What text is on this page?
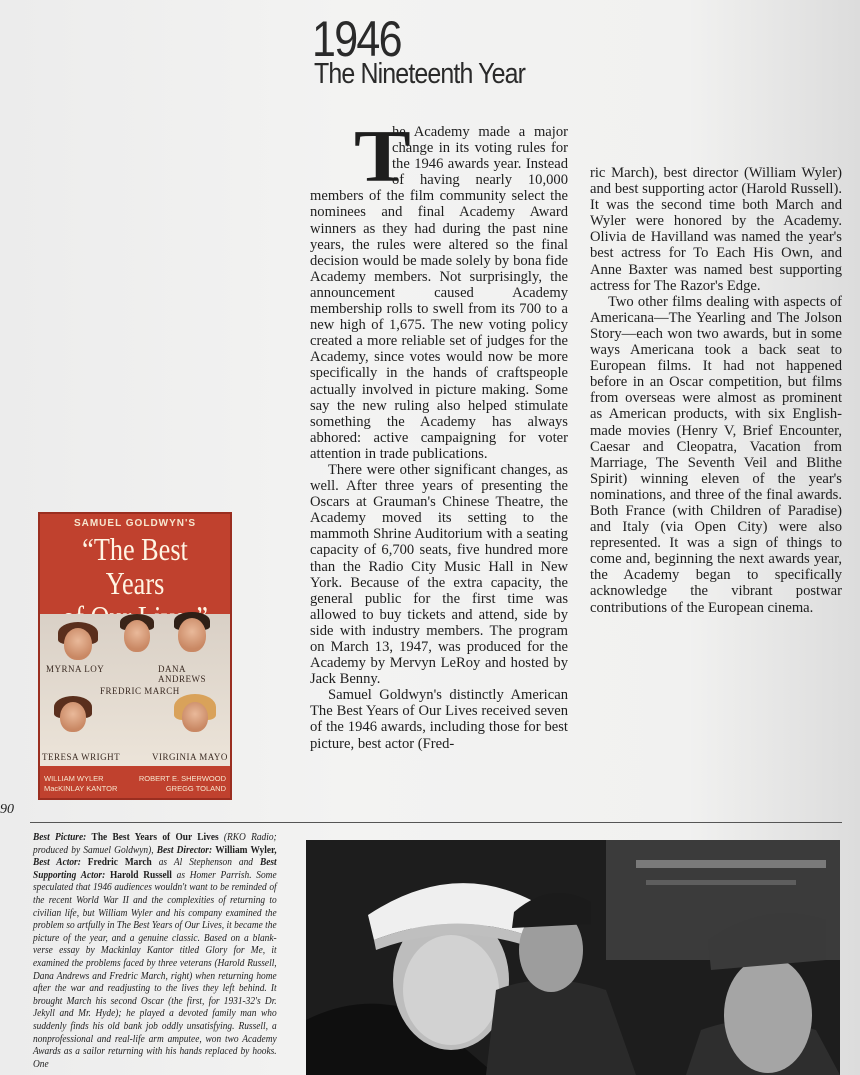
1946
The Nineteenth Year

T
he Academy made a major change in its voting rules for the 1946 awards year. Instead of having nearly 10,000 members of the film community select the nominees and final Academy Award winners as they had during the past nine years, the rules were altered so the final decision would be made solely by bona fide Academy members. Not surprisingly, the announcement caused Academy membership rolls to swell from its 700 to a new high of 1,675. The new voting policy created a more reliable set of judges for the Academy, since votes would now be more specifically in the hands of craftspeople actually involved in picture making. Some say the new ruling also helped stimulate something the Academy has always abhored: active campaigning for voter attention in trade publications.

There were other significant changes, as well. After three years of presenting the Oscars at Grauman's Chinese Theatre, the Academy moved its setting to the mammoth Shrine Auditorium with a seating capacity of 6,700 seats, five hundred more than the Radio City Music Hall in New York. Because of the extra capacity, the general public for the first time was allowed to buy tickets and attend, side by side with industry members. The program on March 13, 1947, was produced for the Academy by Mervyn LeRoy and hosted by Jack Benny.

Samuel Goldwyn's distinctly American The Best Years of Our Lives received seven of the 1946 awards, including those for best picture, best actor (Fred-

ric March), best director (William Wyler) and best supporting actor (Harold Russell). It was the second time both March and Wyler were honored by the Academy. Olivia de Havilland was named the year's best actress for To Each His Own, and Anne Baxter was named best supporting actress for The Razor's Edge.

Two other films dealing with aspects of Americana—The Yearling and The Jolson Story—each won two awards, but in some ways Americana took a back seat to European films. It had not happened before in an Oscar competition, but films from overseas were almost as prominent as American products, with six English-made movies (Henry V, Brief Encounter, Caesar and Cleopatra, Vacation from Marriage, The Seventh Veil and Blithe Spirit) winning eleven of the year's nominations, and three of the final awards. Both France (with Children of Paradise) and Italy (via Open City) were also represented. It was a sign of things to come and, beginning the next awards year, the Academy began to specifically acknowledge the vibrant postwar contributions of the European cinema.

SAMUEL GOLDWYN'S
“The Best Years
MYRNA LOY	DANA ANDREWS
FREDRIC MARCH
TERESA WRIGHT	VIRGINIA MAYO
WILLIAM WYLER	ROBERT E. SHERWOOD
MacKINLAY KANTOR	GREGG TOLAND
90
Best Picture: The Best Years of Our Lives (RKO Radio; produced by Samuel Goldwyn), Best Director: William Wyler, Best Actor: Fredric March as Al Stephenson and Best Supporting Actor: Harold Russell as Homer Parrish. Some speculated that 1946 audiences wouldn't want to be reminded of the recent World War II and the complexities of returning to civilian life, but William Wyler and his company examined the problem so artfully in The Best Years of Our Lives, it became the picture of the year, and a genuine classic. Based on a blank-verse essay by Mackinlay Kantor titled Glory for Me, it examined the problems faced by three veterans (Harold Russell, Dana Andrews and Fredric March, right) when returning home after the war and readjusting to the lives they left behind. It brought March his second Oscar (the first, for 1931-32's Dr. Jekyll and Mr. Hyde); he played a devoted family man who suddenly finds his old bank job oddly unsatisfying. Russell, a nonprofessional and real-life arm amputee, won two Academy Awards as a sailor returning with his hands replaced by hooks. One
